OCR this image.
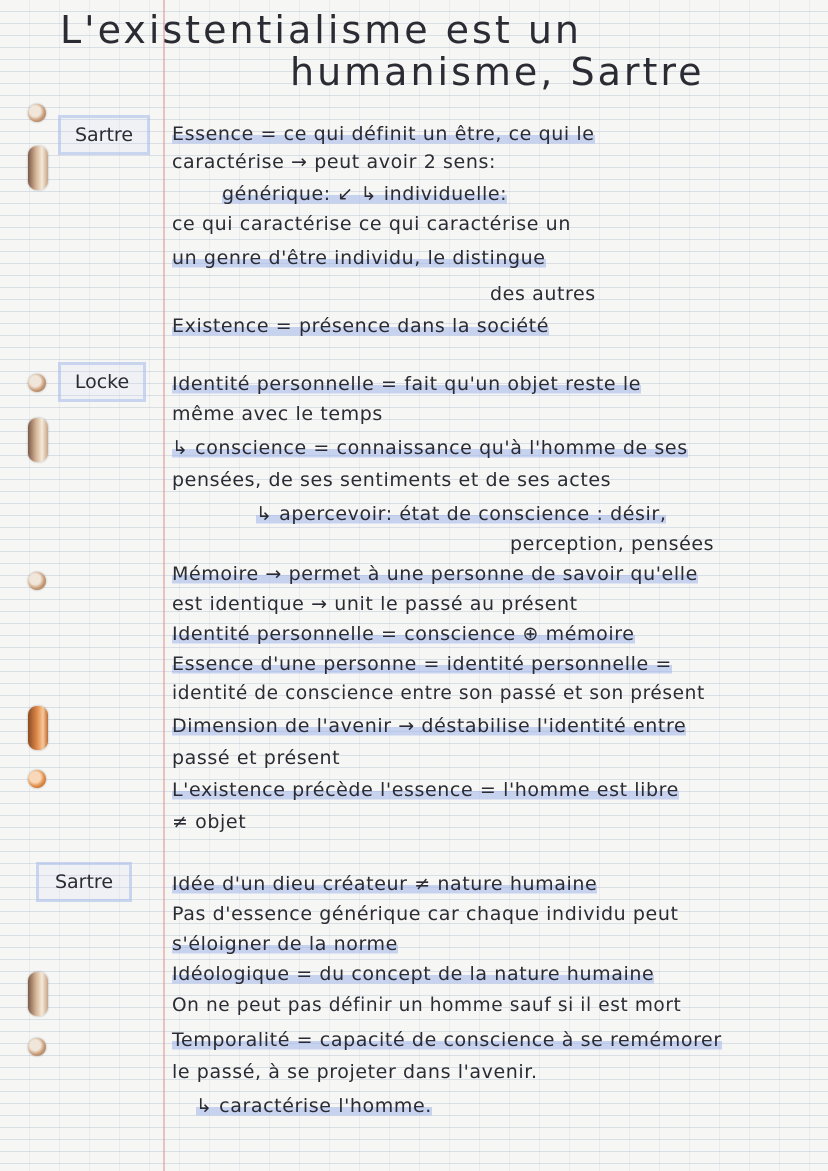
L'existentialisme est un
humanisme, Sartre
Sartre	Essence = ce qui définit un être, ce qui le
caractérise → peut avoir 2 sens:
générique: ↙ ↳ individuelle:
ce qui caractérise ce qui caractérise un
un genre d'être individu, le distingue
des autres
Existence = présence dans la société
Locke	Identité personnelle = fait qu'un objet reste le
même avec le temps
↳ conscience = connaissance qu'à l'homme de ses
pensées, de ses sentiments et de ses actes
↳ apercevoir: état de conscience : désir,
perception, pensées
Mémoire → permet à une personne de savoir qu'elle
est identique → unit le passé au présent
Identité personnelle = conscience ⊕ mémoire
Essence d'une personne = identité personnelle =
identité de conscience entre son passé et son présent
Dimension de l'avenir → déstabilise l'identité entre
passé et présent
L'existence précède l'essence = l'homme est libre
≠ objet
Sartre	Idée d'un dieu créateur ≠ nature humaine
Pas d'essence générique car chaque individu peut
s'éloigner de la norme
Idéologique = du concept de la nature humaine
On ne peut pas définir un homme sauf si il est mort
Temporalité = capacité de conscience à se remémorer
le passé, à se projeter dans l'avenir.
↳ caractérise l'homme.
